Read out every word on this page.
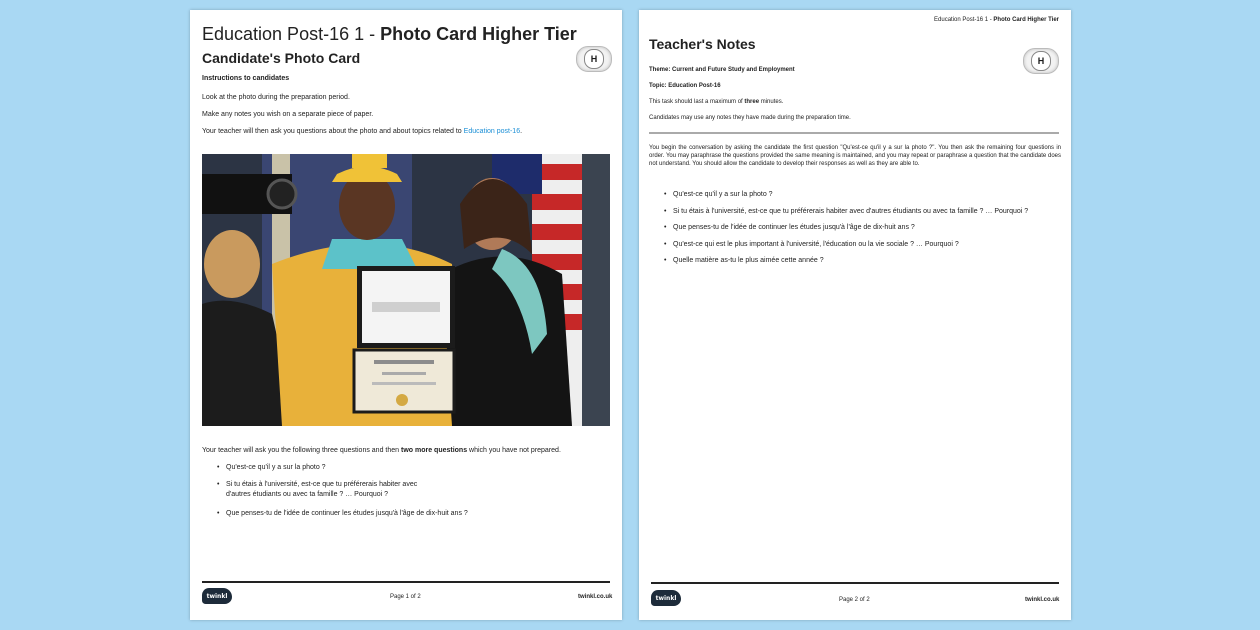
Education Post-16 1 - Photo Card Higher Tier
Candidate's Photo Card	H
Instructions to candidates
Look at the photo during the preparation period.
Make any notes you wish on a separate piece of paper.
Your teacher will then ask you questions about the photo and about topics related to Education post-16.
Your teacher will ask you the following three questions and then two more questions which you have not prepared.
• Qu'est-ce qu'il y a sur la photo ?
• Si tu étais à l'université, est-ce que tu préférerais habiter avec
d'autres étudiants ou avec ta famille ? … Pourquoi ?
• Que penses-tu de l'idée de continuer les études jusqu'à l'âge de dix-huit ans ?
twinkl	Page 1 of 2	twinkl.co.uk
Education Post-16 1 - Photo Card Higher Tier
Teacher's Notes
H
Theme: Current and Future Study and Employment
Topic: Education Post-16
This task should last a maximum of three minutes.
Candidates may use any notes they have made during the preparation time.
You begin the conversation by asking the candidate the first question "Qu'est-ce qu'il y a sur la photo ?". You then ask the remaining four questions in order. You may paraphrase the questions provided the same meaning is maintained, and you may repeat or paraphrase a question that the candidate does not understand. You should allow the candidate to develop their responses as well as they are able to.
• Qu'est-ce qu'il y a sur la photo ?
• Si tu étais à l'université, est-ce que tu préférerais habiter avec d'autres étudiants ou avec ta famille ? … Pourquoi ?
• Que penses-tu de l'idée de continuer les études jusqu'à l'âge de dix-huit ans ?
• Qu'est-ce qui est le plus important à l'université, l'éducation ou la vie sociale ? … Pourquoi ?
• Quelle matière as-tu le plus aimée cette année ?
twinkl	Page 2 of 2	twinkl.co.uk
